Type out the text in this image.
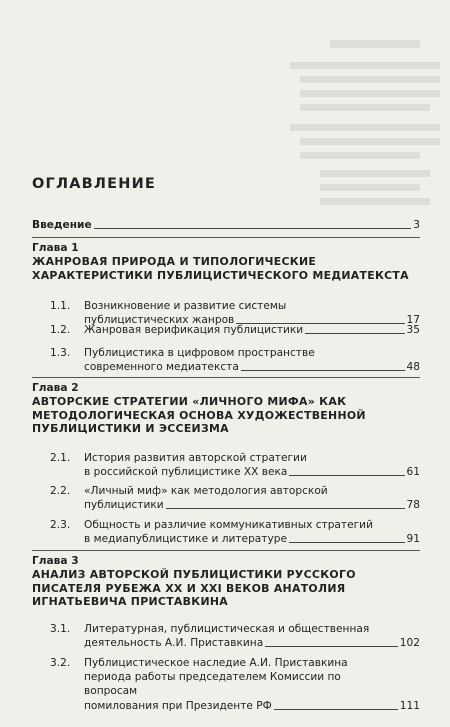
ОГЛАВЛЕНИЕ
Введение	3
Глава 1
ЖАНРОВАЯ ПРИРОДА И ТИПОЛОГИЧЕСКИЕ ХАРАКТЕРИСТИКИ ПУБЛИЦИСТИЧЕСКОГО МЕДИАТЕКСТА
1.1.	Возникновение и развитие системы
публицистических жанров	17
1.2.	Жанровая верификация публицистики	35
1.3.	Публицистика в цифровом пространстве
современного медиатекста	48
Глава 2
АВТОРСКИЕ СТРАТЕГИИ «ЛИЧНОГО МИФА» КАК МЕТОДОЛОГИЧЕСКАЯ ОСНОВА ХУДОЖЕСТВЕННОЙ ПУБЛИЦИСТИКИ И ЭССЕИЗМА
2.1.	История развития авторской стратегии
в российской публицистике XX века	61
2.2.	«Личный миф» как методология авторской
публицистики	78
2.3.	Общность и различие коммуникативных стратегий
в медиапублицистике и литературе	91
Глава 3
АНАЛИЗ АВТОРСКОЙ ПУБЛИЦИСТИКИ РУССКОГО ПИСАТЕЛЯ РУБЕЖА XX И XXI ВЕКОВ АНАТОЛИЯ ИГНАТЬЕВИЧА ПРИСТАВКИНА
3.1.	Литературная, публицистическая и общественная
деятельность А.И. Приставкина	102
3.2.	Публицистическое наследие А.И. Приставкина периода работы председателем Комиссии по вопросам
помилования при Президенте РФ	111
